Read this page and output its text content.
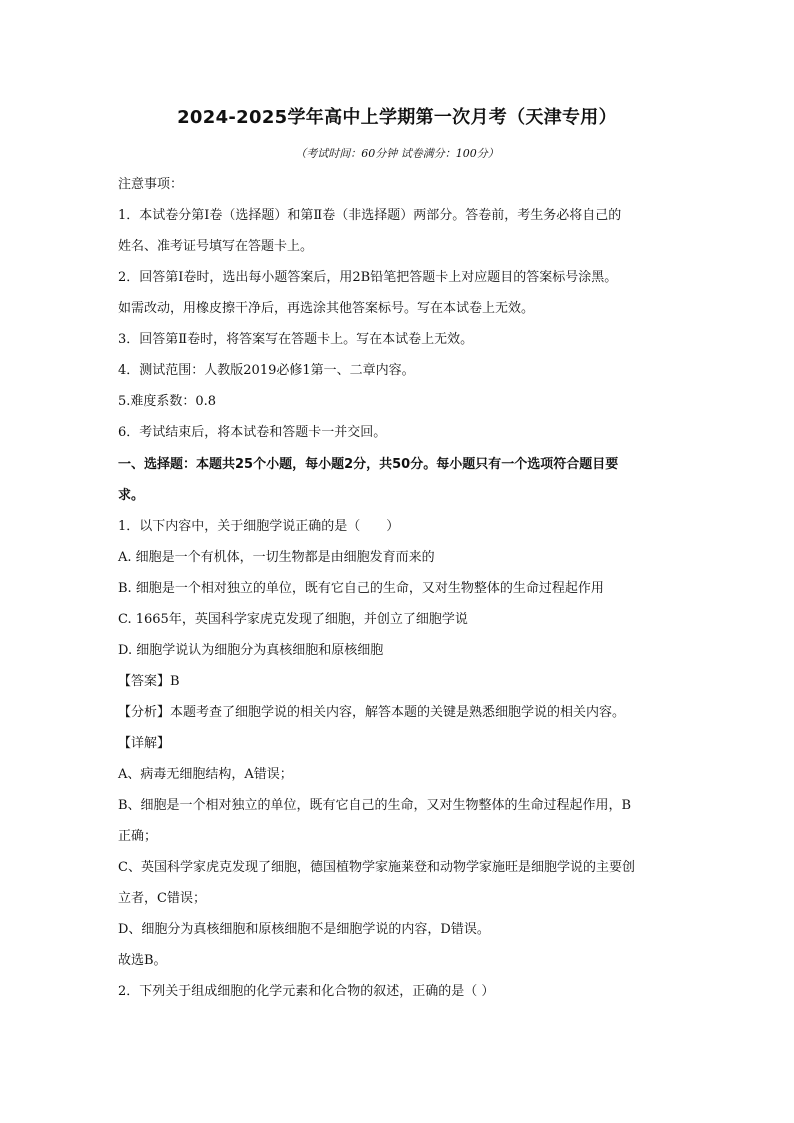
2024-2025学年高中上学期第一次月考（天津专用）
（考试时间：60分钟 试卷满分：100分）
注意事项：
1．本试卷分第Ⅰ卷（选择题）和第Ⅱ卷（非选择题）两部分。答卷前，考生务必将自己的
姓名、准考证号填写在答题卡上。
2．回答第Ⅰ卷时，选出每小题答案后，用2B铅笔把答题卡上对应题目的答案标号涂黑。
如需改动，用橡皮擦干净后，再选涂其他答案标号。写在本试卷上无效。
3．回答第Ⅱ卷时，将答案写在答题卡上。写在本试卷上无效。
4．测试范围：人教版2019必修1第一、二章内容。
5.难度系数：0.8
6．考试结束后，将本试卷和答题卡一并交回。
一、选择题：本题共25个小题，每小题2分，共50分。每小题只有一个选项符合题目要
求。
1．以下内容中，关于细胞学说正确的是（　　）
A. 细胞是一个有机体，一切生物都是由细胞发育而来的
B. 细胞是一个相对独立的单位，既有它自己的生命，又对生物整体的生命过程起作用
C. 1665年，英国科学家虎克发现了细胞，并创立了细胞学说
D. 细胞学说认为细胞分为真核细胞和原核细胞
【答案】B
【分析】本题考查了细胞学说的相关内容，解答本题的关键是熟悉细胞学说的相关内容。
【详解】
A、病毒无细胞结构，A错误；
B、细胞是一个相对独立的单位，既有它自己的生命，又对生物整体的生命过程起作用，B
正确；
C、英国科学家虎克发现了细胞，德国植物学家施莱登和动物学家施旺是细胞学说的主要创
立者，C错误；
D、细胞分为真核细胞和原核细胞不是细胞学说的内容，D错误。
故选B。
2．下列关于组成细胞的化学元素和化合物的叙述，正确的是（ ）
